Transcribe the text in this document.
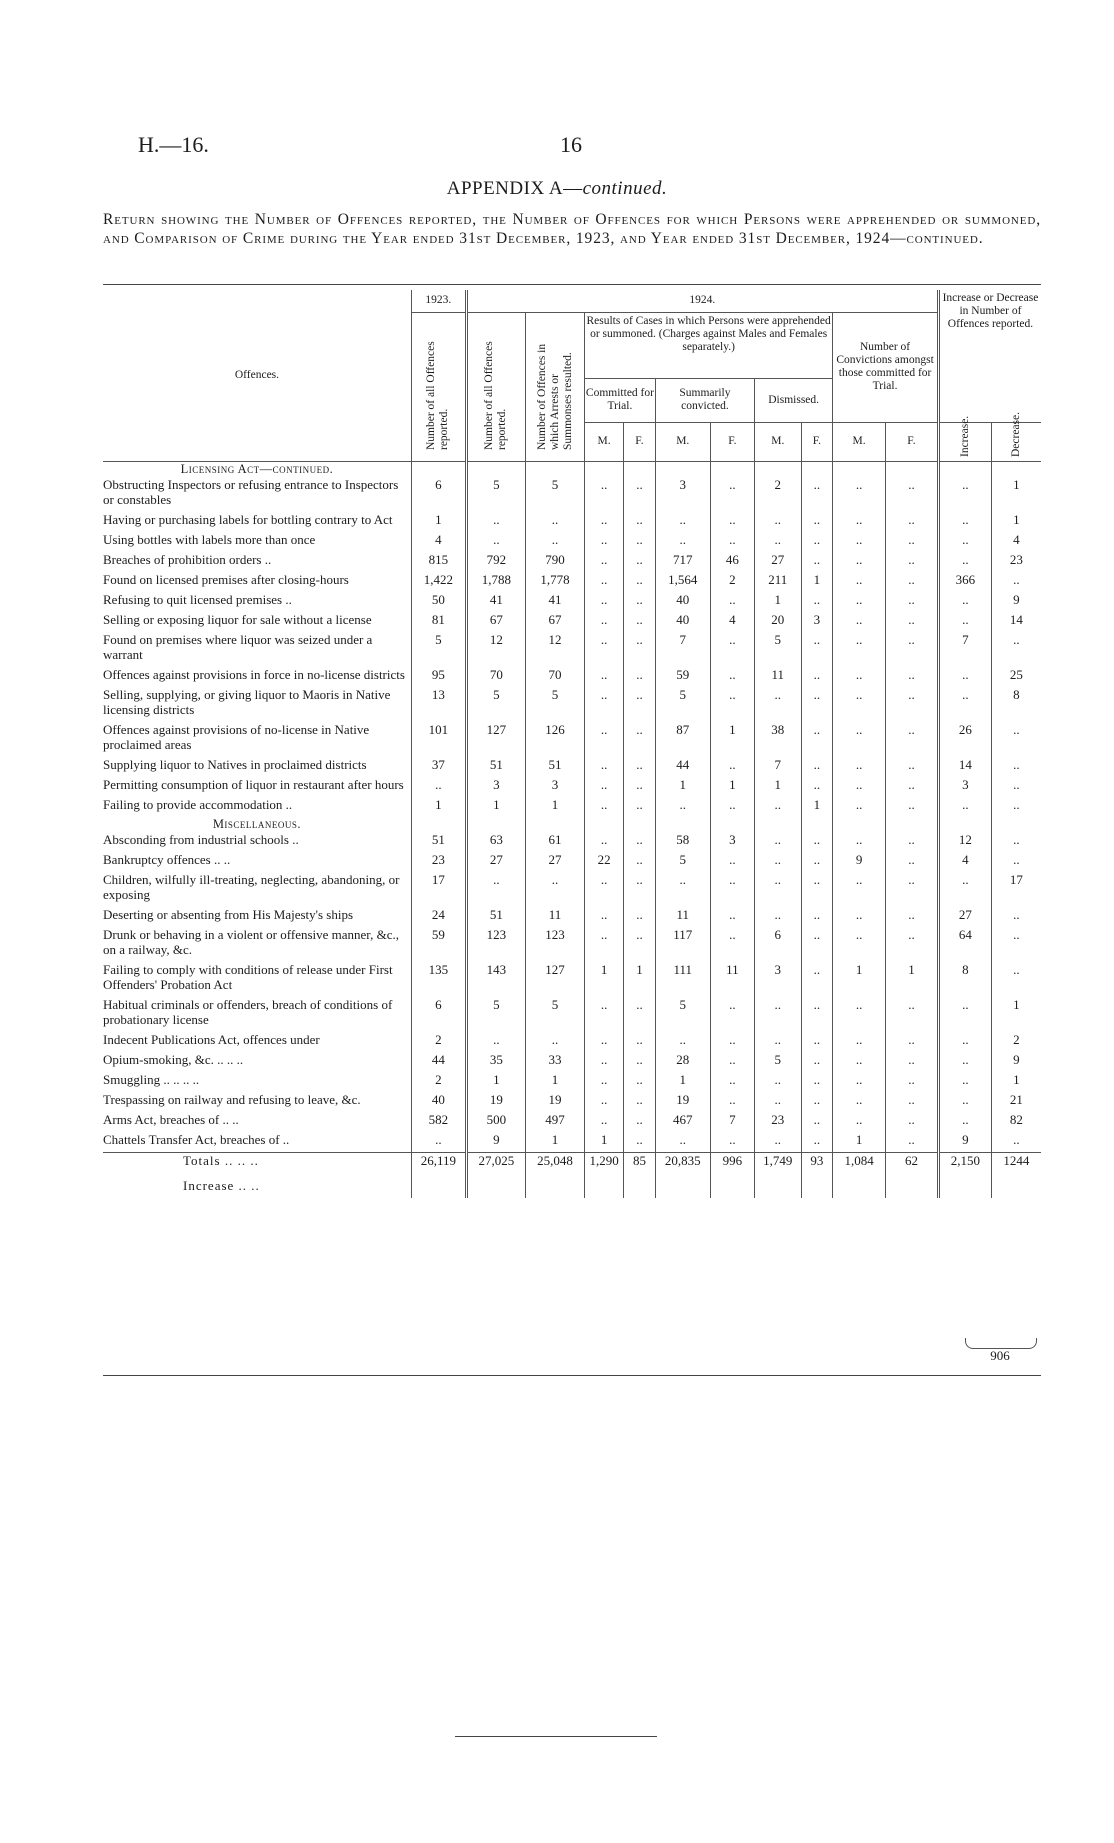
H.—16.	16
APPENDIX A—continued.
Return showing the Number of Offences reported, the Number of Offences for which Persons were apprehended or summoned, and Comparison of Crime during the Year ended 31st December, 1923, and Year ended 31st December, 1924—continued.
Offences.	1923.	1924.										Increase or Decrease in Number of Offences reported.	
	Number of all Offences reported.	Number of all Offences reported.	Number of Offences in which Arrests or Summonses resulted.	Results of Cases in which Persons were apprehended or summoned. (Charges against Males and Females separately.)						Number of Convictions amongst those committed for Trial.			
				Committed for Trial.		Summarily convicted.		Dismissed.					
				M.	F.	M.	F.	M.	F.	M.	F.	Increase.	Decrease.
Licensing Act—continued.													
Obstructing Inspectors or refusing entrance to Inspectors or constables	6	5	5	..	..	3	..	2	..	..	..	..	1

Having or purchasing labels for bottling contrary to Act	1	..	..	..	..	..	..	..	..	..	..	..	1

Using bottles with labels more than once	4	..	..	..	..	..	..	..	..	..	..	..	4

Breaches of prohibition orders ..	815	792	790	..	..	717	46	27	..	..	..	..	23

Found on licensed premises after closing-hours	1,422	1,788	1,778	..	..	1,564	2	211	1	..	..	366	..

Refusing to quit licensed premises ..	50	41	41	..	..	40	..	1	..	..	..	..	9

Selling or exposing liquor for sale without a license	81	67	67	..	..	40	4	20	3	..	..	..	14

Found on premises where liquor was seized under a warrant	5	12	12	..	..	7	..	5	..	..	..	7	..

Offences against provisions in force in no-license districts	95	70	70	..	..	59	..	11	..	..	..	..	25

Selling, supplying, or giving liquor to Maoris in Native licensing districts	13	5	5	..	..	5	..	..	..	..	..	..	8

Offences against provisions of no-license in Native proclaimed areas	101	127	126	..	..	87	1	38	..	..	..	26	..

Supplying liquor to Natives in proclaimed districts	37	51	51	..	..	44	..	7	..	..	..	14	..

Permitting consumption of liquor in restaurant after hours	..	3	3	..	..	1	1	1	..	..	..	3	..

Failing to provide accommodation ..	1	1	1	..	..	..	..	..	1	..	..	..	..

Miscellaneous.													
Absconding from industrial schools ..	51	63	61	..	..	58	3	..	..	..	..	12	..

Bankruptcy offences .. ..	23	27	27	22	..	5	..	..	..	9	..	4	..

Children, wilfully ill-treating, neglecting, abandoning, or exposing	17	..	..	..	..	..	..	..	..	..	..	..	17

Deserting or absenting from His Majesty's ships	24	51	11	..	..	11	..	..	..	..	..	27	..

Drunk or behaving in a violent or offensive manner, &c., on a railway, &c.	59	123	123	..	..	117	..	6	..	..	..	64	..

Failing to comply with conditions of release under First Offenders' Probation Act	135	143	127	1	1	111	11	3	..	1	1	8	..

Habitual criminals or offenders, breach of conditions of probationary license	6	5	5	..	..	5	..	..	..	..	..	..	1

Indecent Publications Act, offences under	2	..	..	..	..	..	..	..	..	..	..	..	2

Opium-smoking, &c. .. .. ..	44	35	33	..	..	28	..	5	..	..	..	..	9

Smuggling .. .. .. ..	2	1	1	..	..	1	..	..	..	..	..	..	1

Trespassing on railway and refusing to leave, &c.	40	19	19	..	..	19	..	..	..	..	..	..	21

Arms Act, breaches of .. ..	582	500	497	..	..	467	7	23	..	..	..	..	82

Chattels Transfer Act, breaches of ..	..	9	1	1	..	..	..	..	..	1	..	9	..

Totals .. .. ..	26,119	27,025	25,048	1,290	85	20,835	996	1,749	93	1,084	62	2,150	1244
Increase .. ..													
906
